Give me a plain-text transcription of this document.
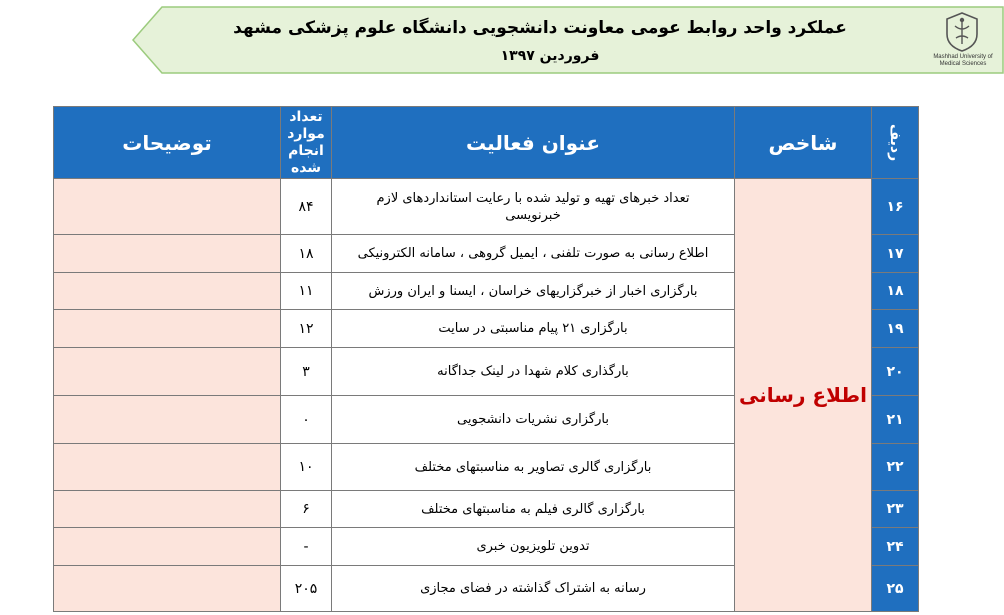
عملکرد واحد روابط عومی معاونت دانشجویی دانشگاه علوم پزشکی مشهد
فروردین ۱۳۹۷	Mashhad University of Medical Sciences
ردیف	شاخص	عنوان فعالیت	تعداد موارد انجام شده	توضیحات
۱۶	اطلاع رسانی	تعداد خبرهای تهیه و تولید شده با رعایت استانداردهای لازم خبرنویسی	۸۴	
۱۷		اطلاع رسانی به صورت تلفنی ، ایمیل گروهی ، سامانه الکترونیکی	۱۸	
۱۸		بارگزاری اخبار از خبرگزاریهای خراسان ، ایسنا و ایران ورزش	۱۱	
۱۹		بارگزاری ۲۱ پیام مناسبتی در سایت	۱۲	
۲۰		بارگذاری کلام شهدا در لینک جداگانه	۳	
۲۱		بارگزاری نشریات دانشجویی	۰	
۲۲		بارگزاری گالری تصاویر به مناسبتهای مختلف	۱۰	
۲۳		بارگزاری گالری فیلم به مناسبتهای مختلف	۶	
۲۴		تدوین تلویزیون خبری	-	
۲۵		رسانه به اشتراک گذاشته در فضای مجازی	۲۰۵	
